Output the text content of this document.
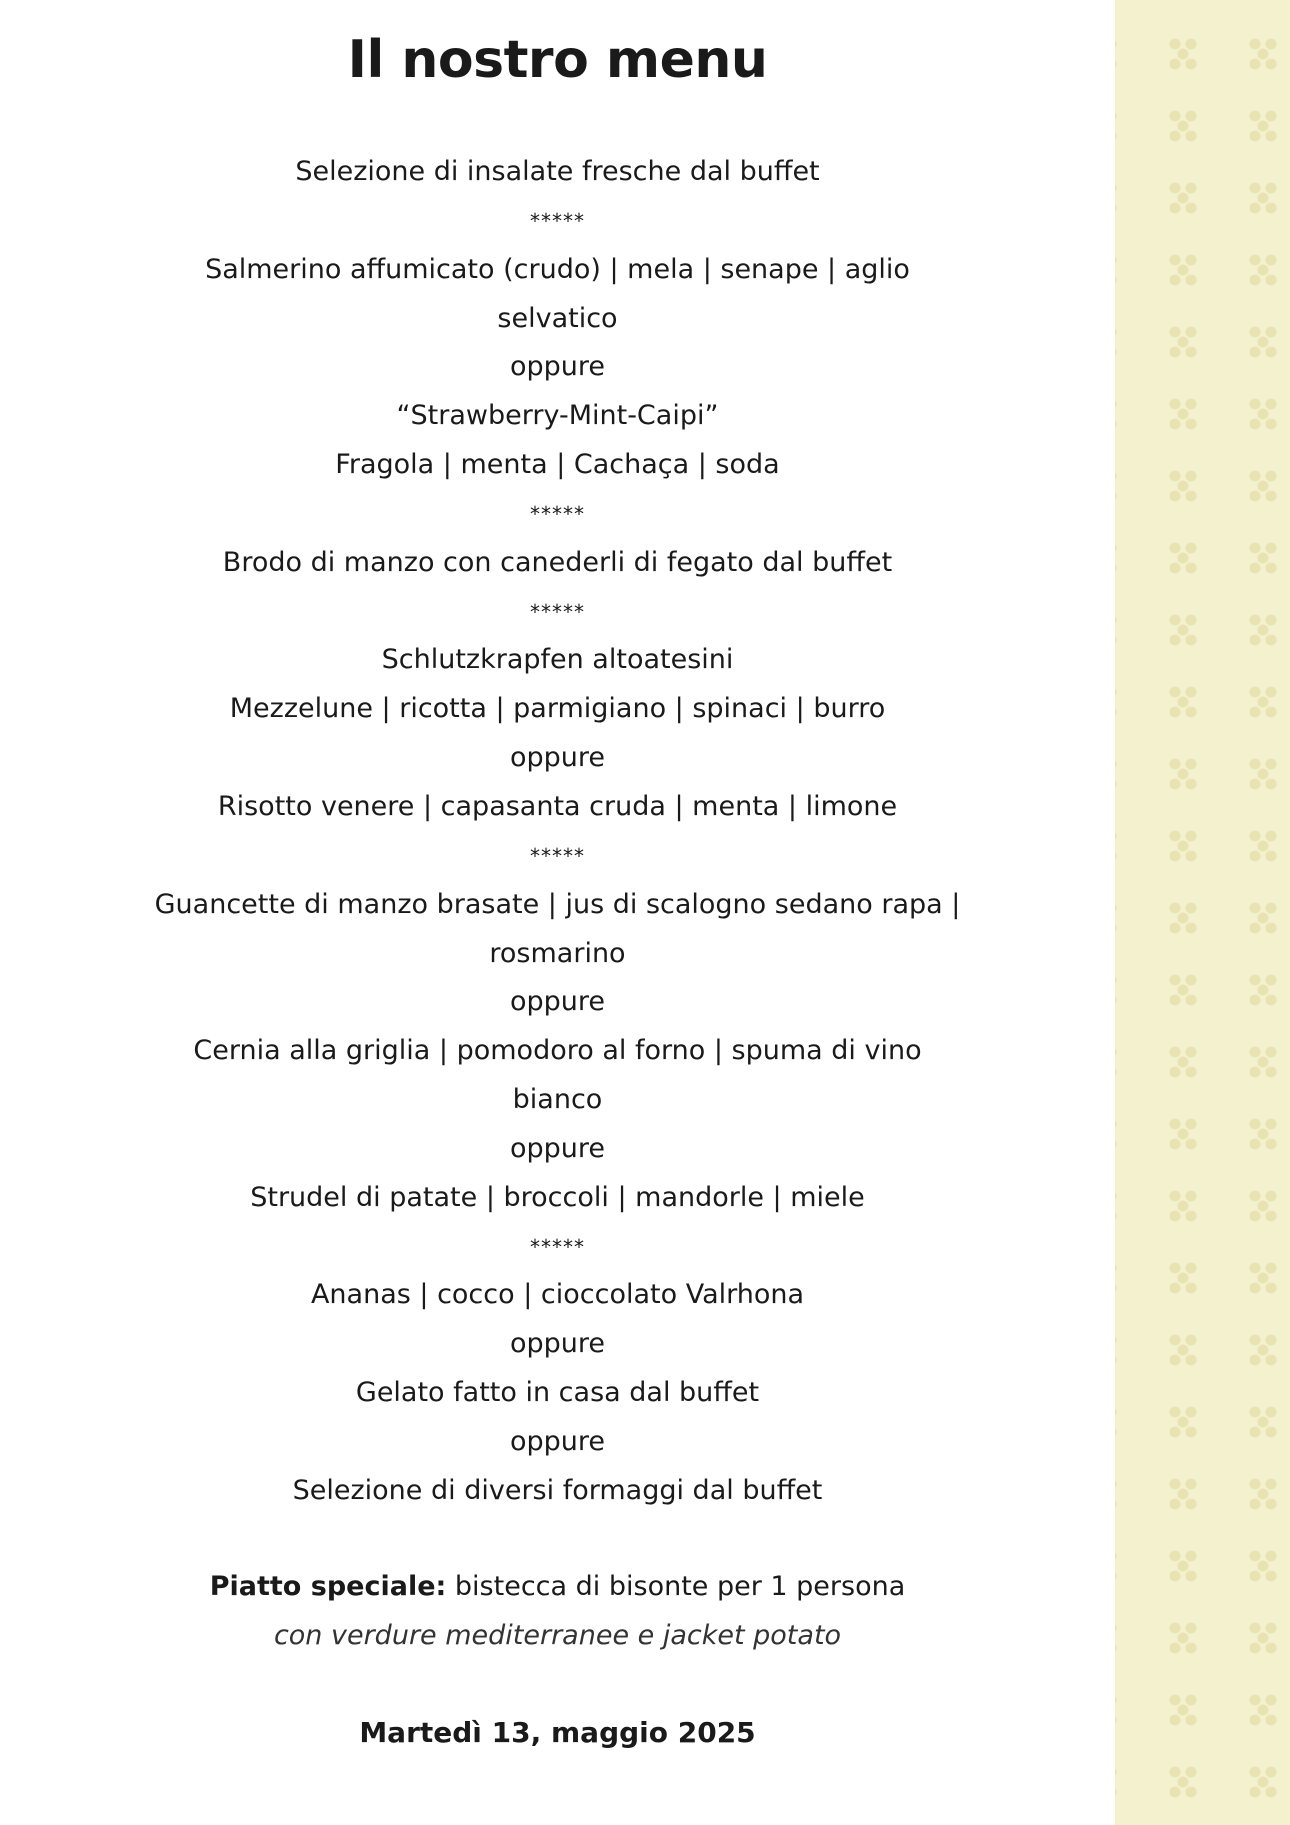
Il nostro menu
Selezione di insalate fresche dal buffet
*****
Salmerino affumicato (crudo) | mela | senape | aglio
selvatico
oppure
“Strawberry-Mint-Caipi”
Fragola | menta | Cachaça | soda
*****
Brodo di manzo con canederli di fegato dal buffet
*****
Schlutzkrapfen altoatesini
Mezzelune | ricotta | parmigiano | spinaci | burro
oppure
Risotto venere | capasanta cruda | menta | limone
*****
Guancette di manzo brasate | jus di scalogno sedano rapa |
rosmarino
oppure
Cernia alla griglia | pomodoro al forno | spuma di vino
bianco
oppure
Strudel di patate | broccoli | mandorle | miele
*****
Ananas | cocco | cioccolato Valrhona
oppure
Gelato fatto in casa dal buffet
oppure
Selezione di diversi formaggi dal buffet
Piatto speciale: bistecca di bisonte per 1 persona
con verdure mediterranee e jacket potato
Martedì 13, maggio 2025
